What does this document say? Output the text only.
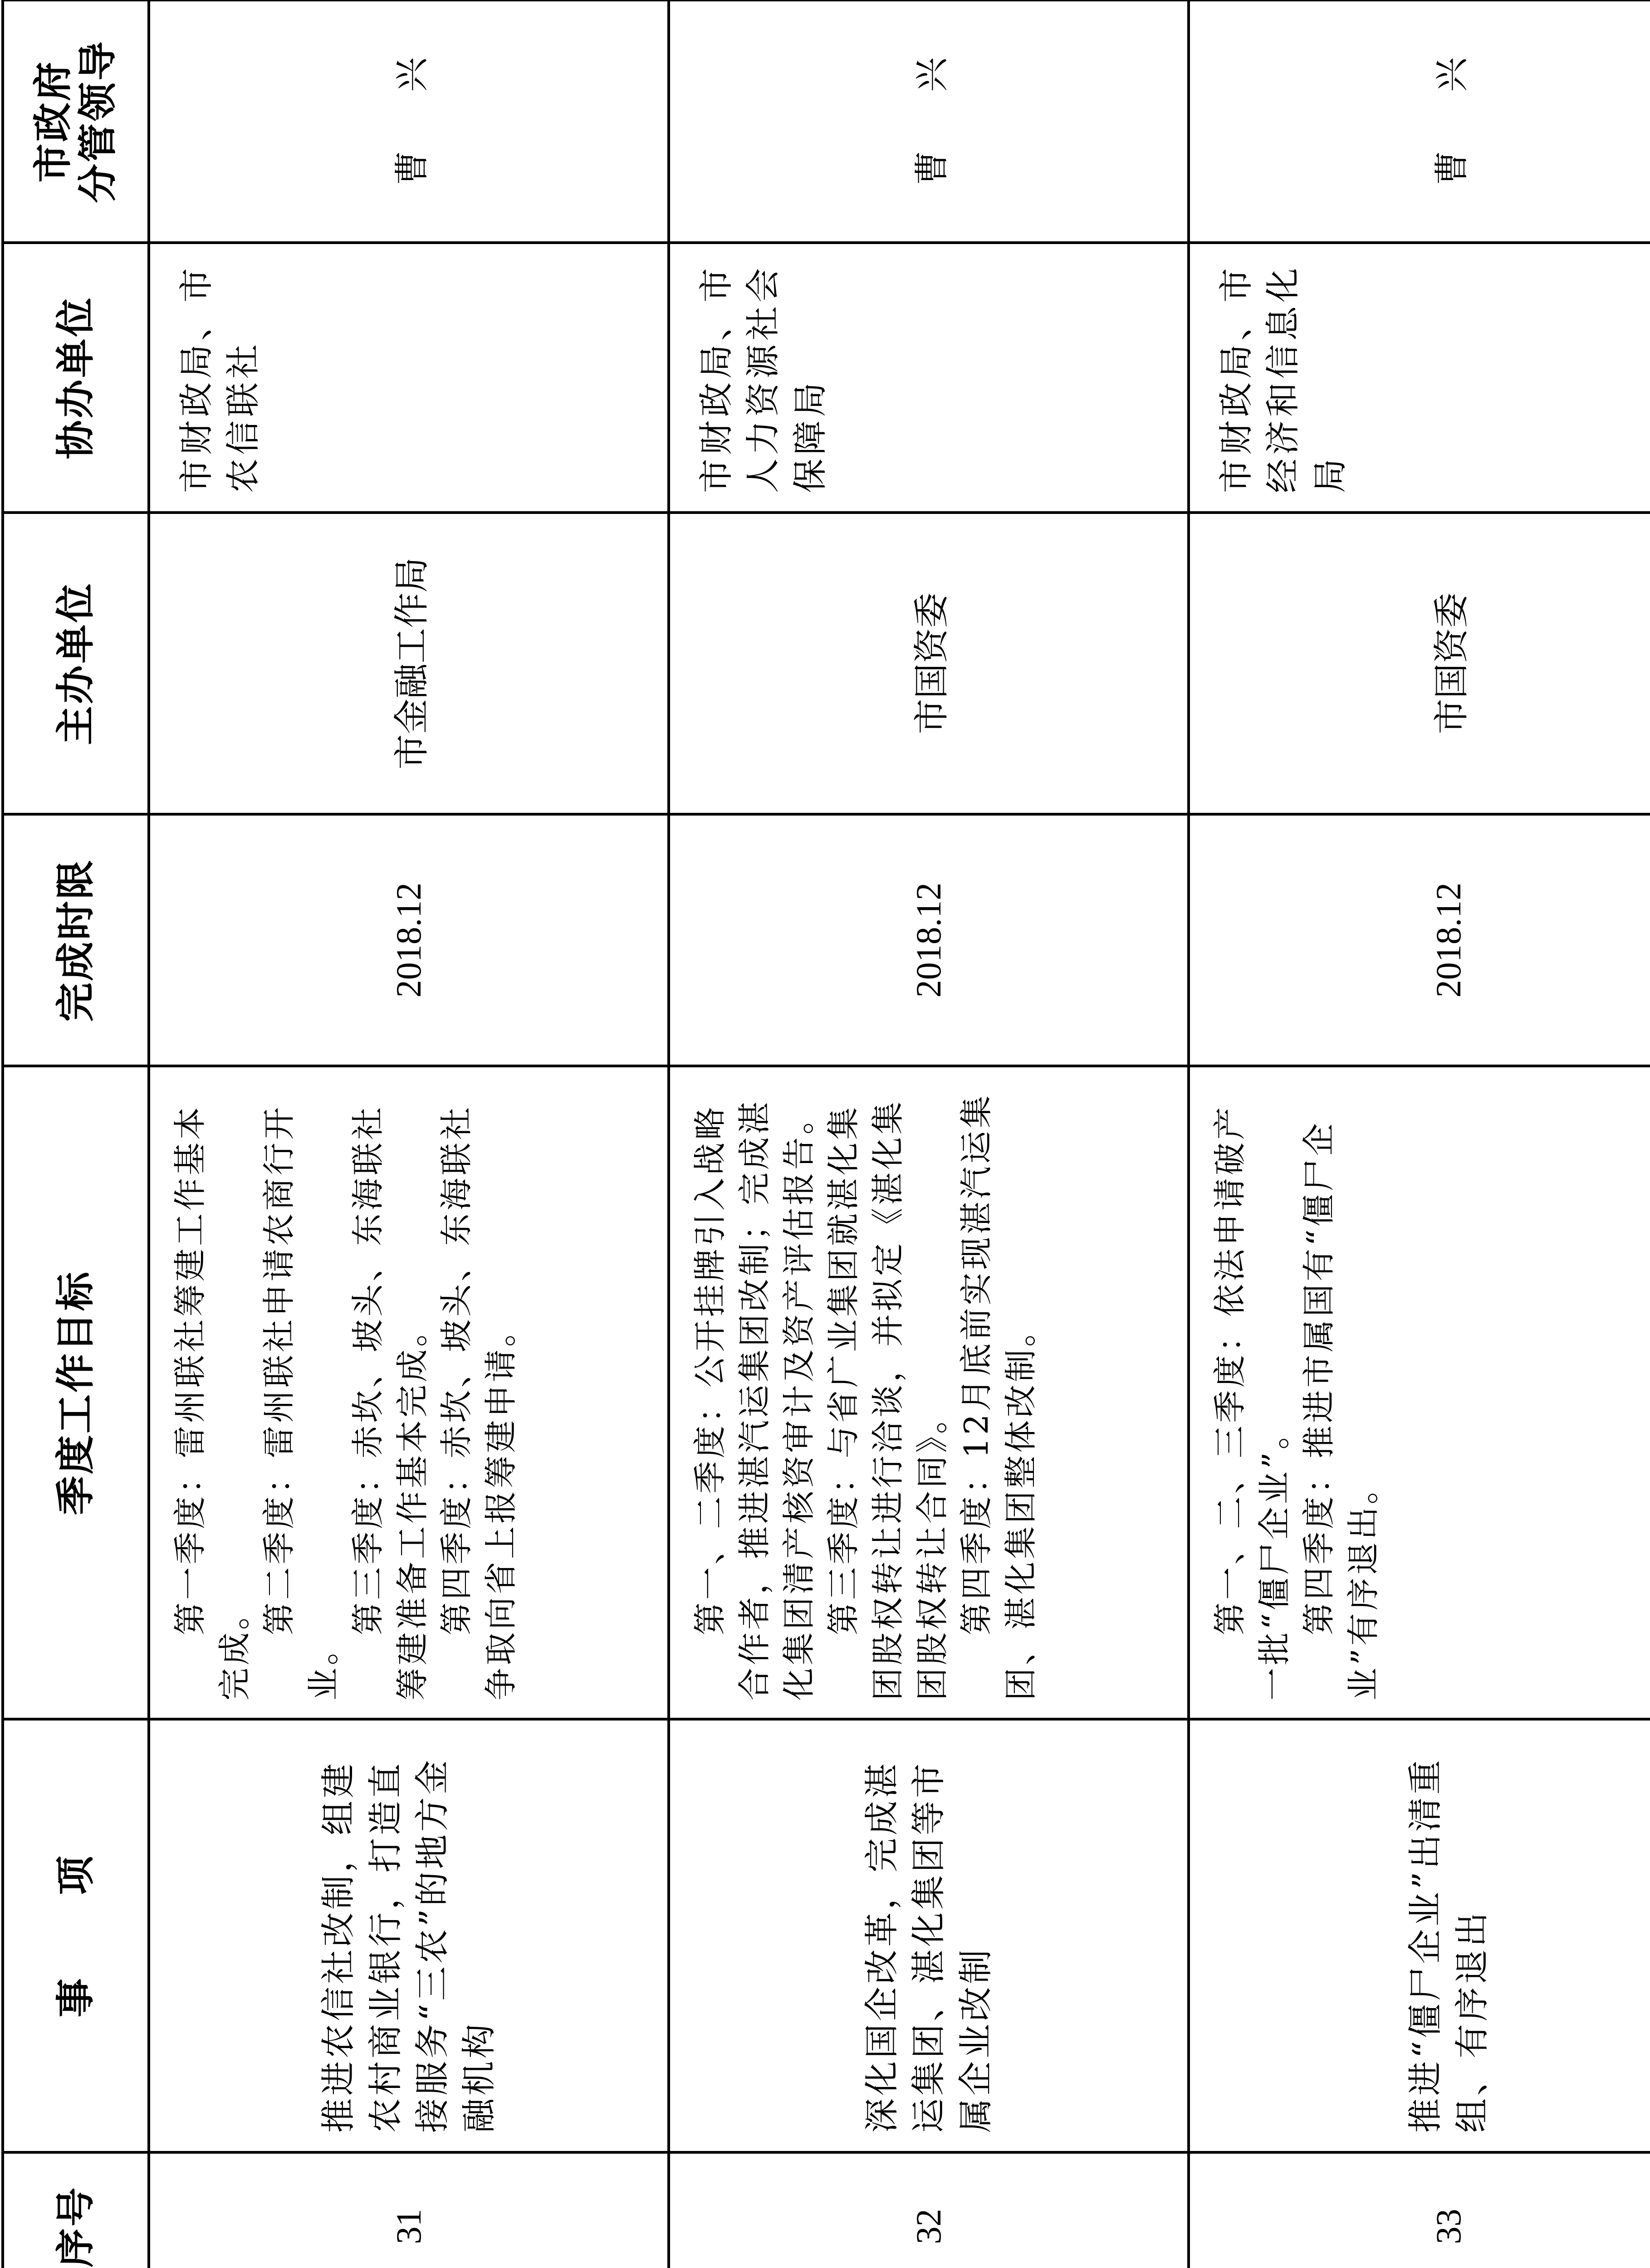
序号	事　　项	季度工作目标	完成时限	主办单位	协办单位	市政府
分管领导

31	推进农信社改制，组建农村商业银行，打造直接服务“三农”的地方金融机构	第一季度：雷州联社筹建工作基本完成。

第二季度：雷州联社申请农商行开业。

第三季度：赤坎、坡头、东海联社筹建准备工作基本完成。 第四季度：赤坎、坡头、东海联社争取向省上报筹建申请。	2018.12	市金融工作局	市财政局、市农信联社	曹兴
32	深化国企改革，完成湛运集团、湛化集团等市属企业改制	第一、二季度：公开挂牌引入战略合作者，推进湛汽运集团改制；完成湛化集团清产核资审计及资产评估报告。 第三季度：与省广业集团就湛化集团股权转让进行洽谈，并拟定《湛化集团股权转让合同》。 第四季度：12月底前实现湛汽运集团、湛化集团整体改制。	2018.12	市国资委	市财政局、市人力资源社会保障局	曹兴
33	推进“僵尸企业”出清重组、有序退出	第一、二、三季度：依法申请破产一批“僵尸企业”。 第四季度：推进市属国有“僵尸企业”有序退出。	2018.12	市国资委	市财政局、市经济和信息化局	曹兴
